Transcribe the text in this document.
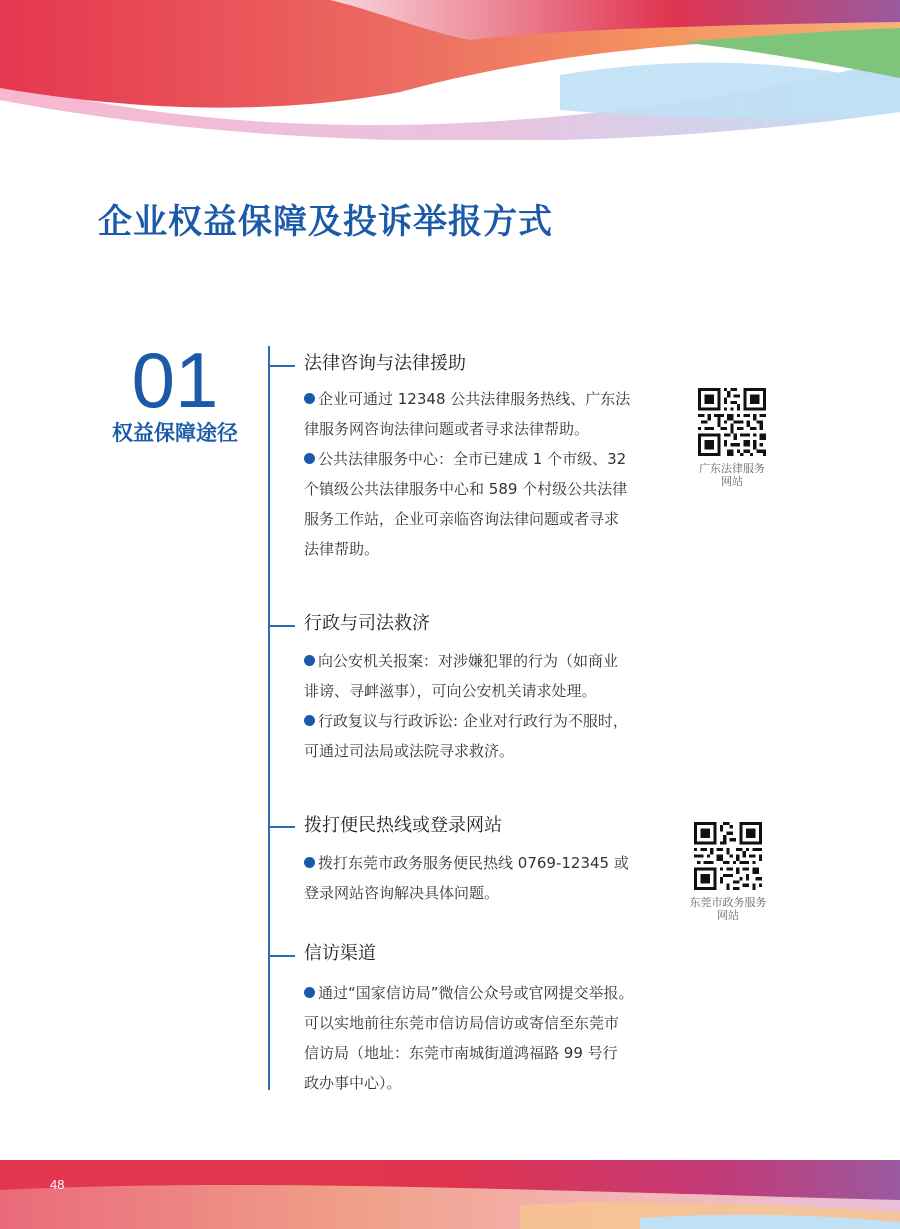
企业权益保障及投诉举报方式
01
权益保障途径
法律咨询与法律援助
企业可通过 12348 公共法律服务热线、广东法
律服务网咨询法律问题或者寻求法律帮助。
公共法律服务中心：全市已建成 1 个市级、32
个镇级公共法律服务中心和 589 个村级公共法律
服务工作站，企业可亲临咨询法律问题或者寻求
法律帮助。
广东法律服务
网站
行政与司法救济
向公安机关报案：对涉嫌犯罪的行为（如商业
诽谤、寻衅滋事），可向公安机关请求处理。
行政复议与行政诉讼: 企业对行政行为不服时，
可通过司法局或法院寻求救济。
拨打便民热线或登录网站
拨打东莞市政务服务便民热线 0769-12345 或
登录网站咨询解决具体问题。
东莞市政务服务
网站
信访渠道
通过“国家信访局”微信公众号或官网提交举报。
可以实地前往东莞市信访局信访或寄信至东莞市
信访局（地址：东莞市南城街道鸿福路 99 号行
政办事中心）。
48
